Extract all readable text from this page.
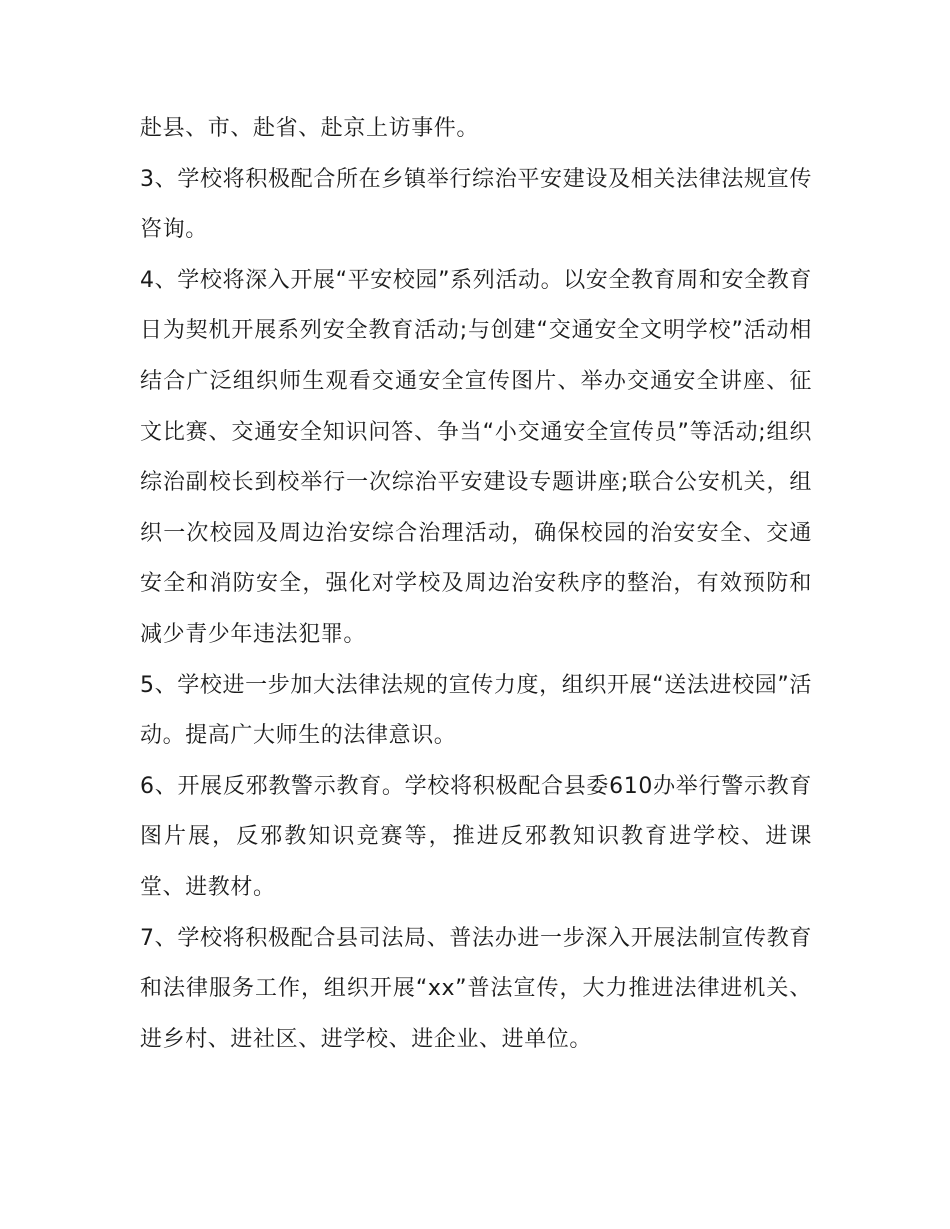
赴县、市、赴省、赴京上访事件。

3、学校将积极配合所在乡镇举行综治平安建设及相关法律法规宣传咨询。

4、学校将深入开展“平安校园”系列活动。以安全教育周和安全教育日为契机开展系列安全教育活动;与创建“交通安全文明学校”活动相结合广泛组织师生观看交通安全宣传图片、举办交通安全讲座、征文比赛、交通安全知识问答、争当“小交通安全宣传员”等活动;组织综治副校长到校举行一次综治平安建设专题讲座;联合公安机关，组织一次校园及周边治安综合治理活动，确保校园的治安安全、交通安全和消防安全，强化对学校及周边治安秩序的整治，有效预防和减少青少年违法犯罪。

5、学校进一步加大法律法规的宣传力度，组织开展“送法进校园”活动。提高广大师生的法律意识。

6、开展反邪教警示教育。学校将积极配合县委610办举行警示教育图片展，反邪教知识竞赛等，推进反邪教知识教育进学校、进课堂、进教材。

7、学校将积极配合县司法局、普法办进一步深入开展法制宣传教育和法律服务工作，组织开展“xx”普法宣传，大力推进法律进机关、进乡村、进社区、进学校、进企业、进单位。
